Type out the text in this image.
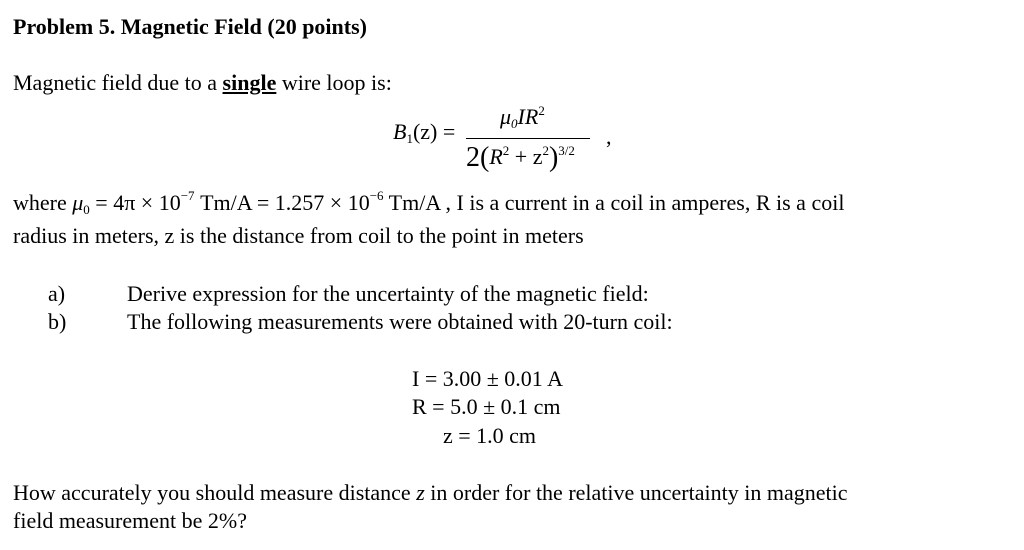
Problem 5. Magnetic Field (20 points)
Magnetic field due to a single wire loop is:
$B_1(z)$ =
$\mu_0IR^2$
$2(R^2 + z^2)^{3/2}$
,
where $\mu_0 = 4\pi \times 10^{-7}$ $Tm/A = 1.257 \times 10^{-6}$ Tm/A , I is a current in a coil in amperes, R is a coil
radius in meters, z is the distance from coil to the point in meters
a)	Derive expression for the uncertainty of the magnetic field:
b)	The following measurements were obtained with 20-turn coil:
I = 3.00 ± 0.01 A
R = 5.0 ± 0.1 cm
z = 1.0 cm
How accurately you should measure distance z in order for the relative uncertainty in magnetic
field measurement be 2%?
